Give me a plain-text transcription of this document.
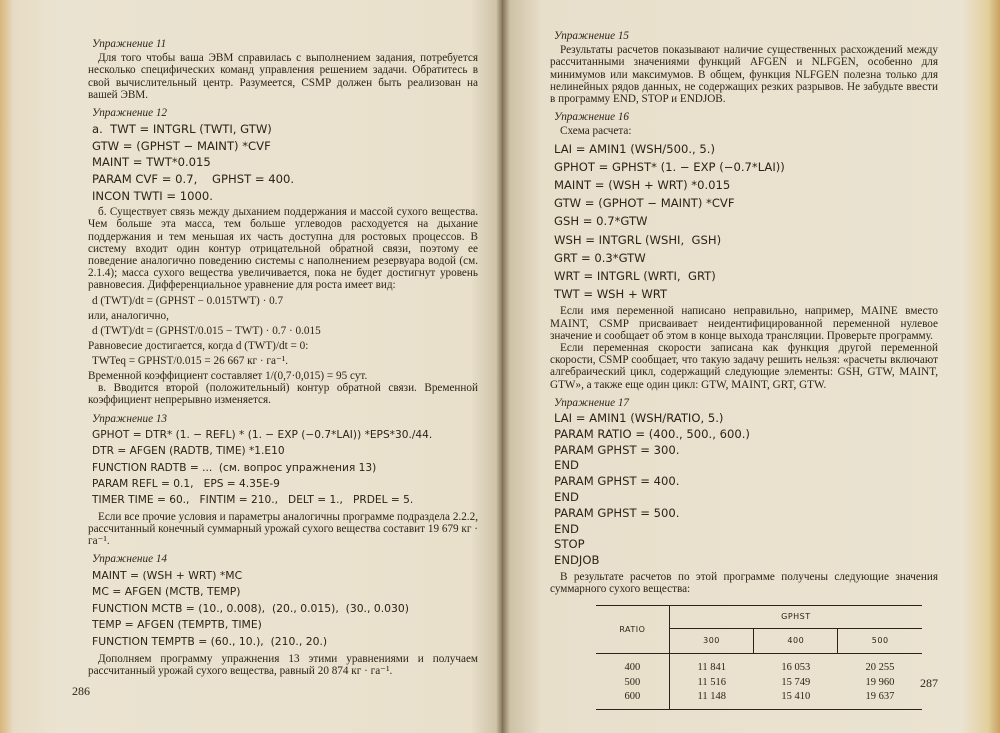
Упражнение 11

Для того чтобы ваша ЭВМ справилась с выполнением задания, потребуется несколько специфических команд управления решением задачи. Обратитесь в свой вычислительный центр. Разумеется, CSMP должен быть реализован на вашей ЭВМ.

Упражнение 12
а.  TWT = INTGRL (TWTI, GTW)
GTW = (GPHST − MAINT) *CVF
MAINT = TWT*0.015
PARAM CVF = 0.7,    GPHST = 400.
INCON TWTI = 1000.

б. Существует связь между дыханием поддержания и массой сухого вещества. Чем больше эта масса, тем больше углеводов расходуется на дыхание поддержания и тем меньшая их часть доступна для ростовых процессов. В систему входит один контур отрицательной обратной связи, поэтому ее поведение аналогично поведению системы с наполнением резервуара водой (см. 2.1.4); масса сухого вещества увеличивается, пока не будет достигнут уровень равновесия. Дифференциальное уравнение для роста имеет вид:

d (TWT)/dt = (GPHST − 0.015TWT) · 0.7

или, аналогично,

d (TWT)/dt = (GPHST/0.015 − TWT) · 0.7 · 0.015

Равновесие достигается, когда d (TWT)/dt = 0:

TWTeq = GPHST/0.015 = 26 667 кг · га⁻¹.

Временной коэффициент составляет 1/(0,7·0,015) = 95 сут.

в. Вводится второй (положительный) контур обратной связи. Временной коэффициент непрерывно изменяется.

Упражнение 13
GPHOT = DTR* (1. − REFL) * (1. − EXP (−0.7*LAI)) *EPS*30./44.
DTR = AFGEN (RADTB, TIME) *1.E10
FUNCTION RADTB = ...  (см. вопрос упражнения 13)
PARAM REFL = 0.1,   EPS = 4.35E-9
TIMER TIME = 60.,   FINTIM = 210.,   DELT = 1.,   PRDEL = 5.

Если все прочие условия и параметры аналогичны программе подраздела 2.2.2, рассчитанный конечный суммарный урожай сухого вещества составит 19 679 кг · га⁻¹.

Упражнение 14
MAINT = (WSH + WRT) *MC
MC = AFGEN (MCTB, TEMP)
FUNCTION MCTB = (10., 0.008),  (20., 0.015),  (30., 0.030)
TEMP = AFGEN (TEMPTB, TIME)
FUNCTION TEMPTB = (60., 10.),  (210., 20.)

Дополняем программу упражнения 13 этими уравнениями и получаем рассчитанный урожай сухого вещества, равный 20 874 кг · га⁻¹.

286
Упражнение 15

Результаты расчетов показывают наличие существенных расхождений между рассчитанными значениями функций AFGEN и NLFGEN, особенно для минимумов или максимумов. В общем, функция NLFGEN полезна только для нелинейных рядов данных, не содержащих резких разрывов. Не забудьте ввести в программу END, STOP и ENDJOB.

Упражнение 16

Схема расчета:

LAI = AMIN1 (WSH/500., 5.)
GPHOT = GPHST* (1. − EXP (−0.7*LAI))
MAINT = (WSH + WRT) *0.015
GTW = (GPHOT − MAINT) *CVF
GSH = 0.7*GTW
WSH = INTGRL (WSHI,  GSH)
GRT = 0.3*GTW
WRT = INTGRL (WRTI,  GRT)
TWT = WSH + WRT

Если имя переменной написано неправильно, например, MAINE вместо MAINT, CSMP присваивает неидентифицированной переменной нулевое значение и сообщает об этом в конце выхода трансляции. Проверьте программу.

Если переменная скорости записана как функция другой переменной скорости, CSMP сообщает, что такую задачу решить нельзя: «расчеты включают алгебраический цикл, содержащий следующие элементы: GSH, GTW, MAINT, GTW», а также еще один цикл: GTW, MAINT, GRT, GTW.

Упражнение 17
LAI = AMIN1 (WSH/RATIO, 5.)
PARAM RATIO = (400., 500., 600.)
PARAM GPHST = 300.
END
PARAM GPHST = 400.
END
PARAM GPHST = 500.
END
STOP
ENDJOB

В результате расчетов по этой программе получены следующие значения суммарного сухого вещества:

RATIO	GPHST		
	300	400	500
400	11 841	16 053	20 255
500	11 516	15 749	19 960
600	11 148	15 410	19 637
287
